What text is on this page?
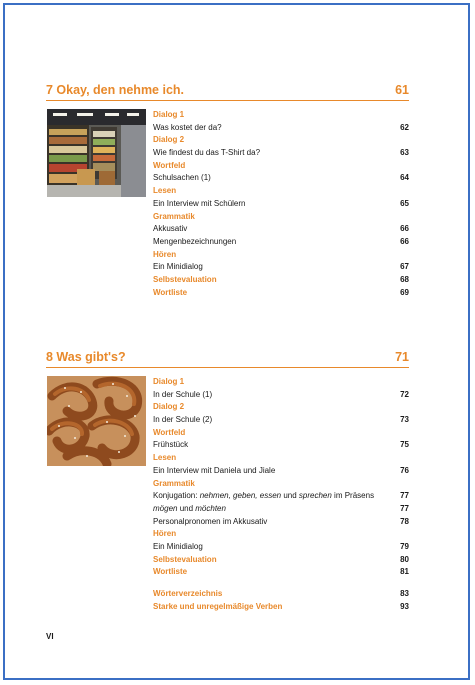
7 Okay, den nehme ich.	61
Dialog 1
Was kostet der da?	62
Dialog 2
Wie findest du das T-Shirt da?	63
Wortfeld
Schulsachen (1)	64
Lesen
Ein Interview mit Schülern	65
Grammatik
Akkusativ	66
Mengenbezeichnungen	66
Hören
Ein Minidialog	67
Selbstevaluation	68
Wortliste	69
8 Was gibt's?	71
Dialog 1
In der Schule (1)	72
Dialog 2
In der Schule (2)	73
Wortfeld
Frühstück	75
Lesen
Ein Interview mit Daniela und Jiale	76
Grammatik
Konjugation: nehmen, geben, essen und sprechen im Präsens	77
mögen und möchten	77
Personalpronomen im Akkusativ	78
Hören
Ein Minidialog	79
Selbstevaluation	80
Wortliste	81
Wörterverzeichnis	83
Starke und unregelmäßige Verben	93
VI
